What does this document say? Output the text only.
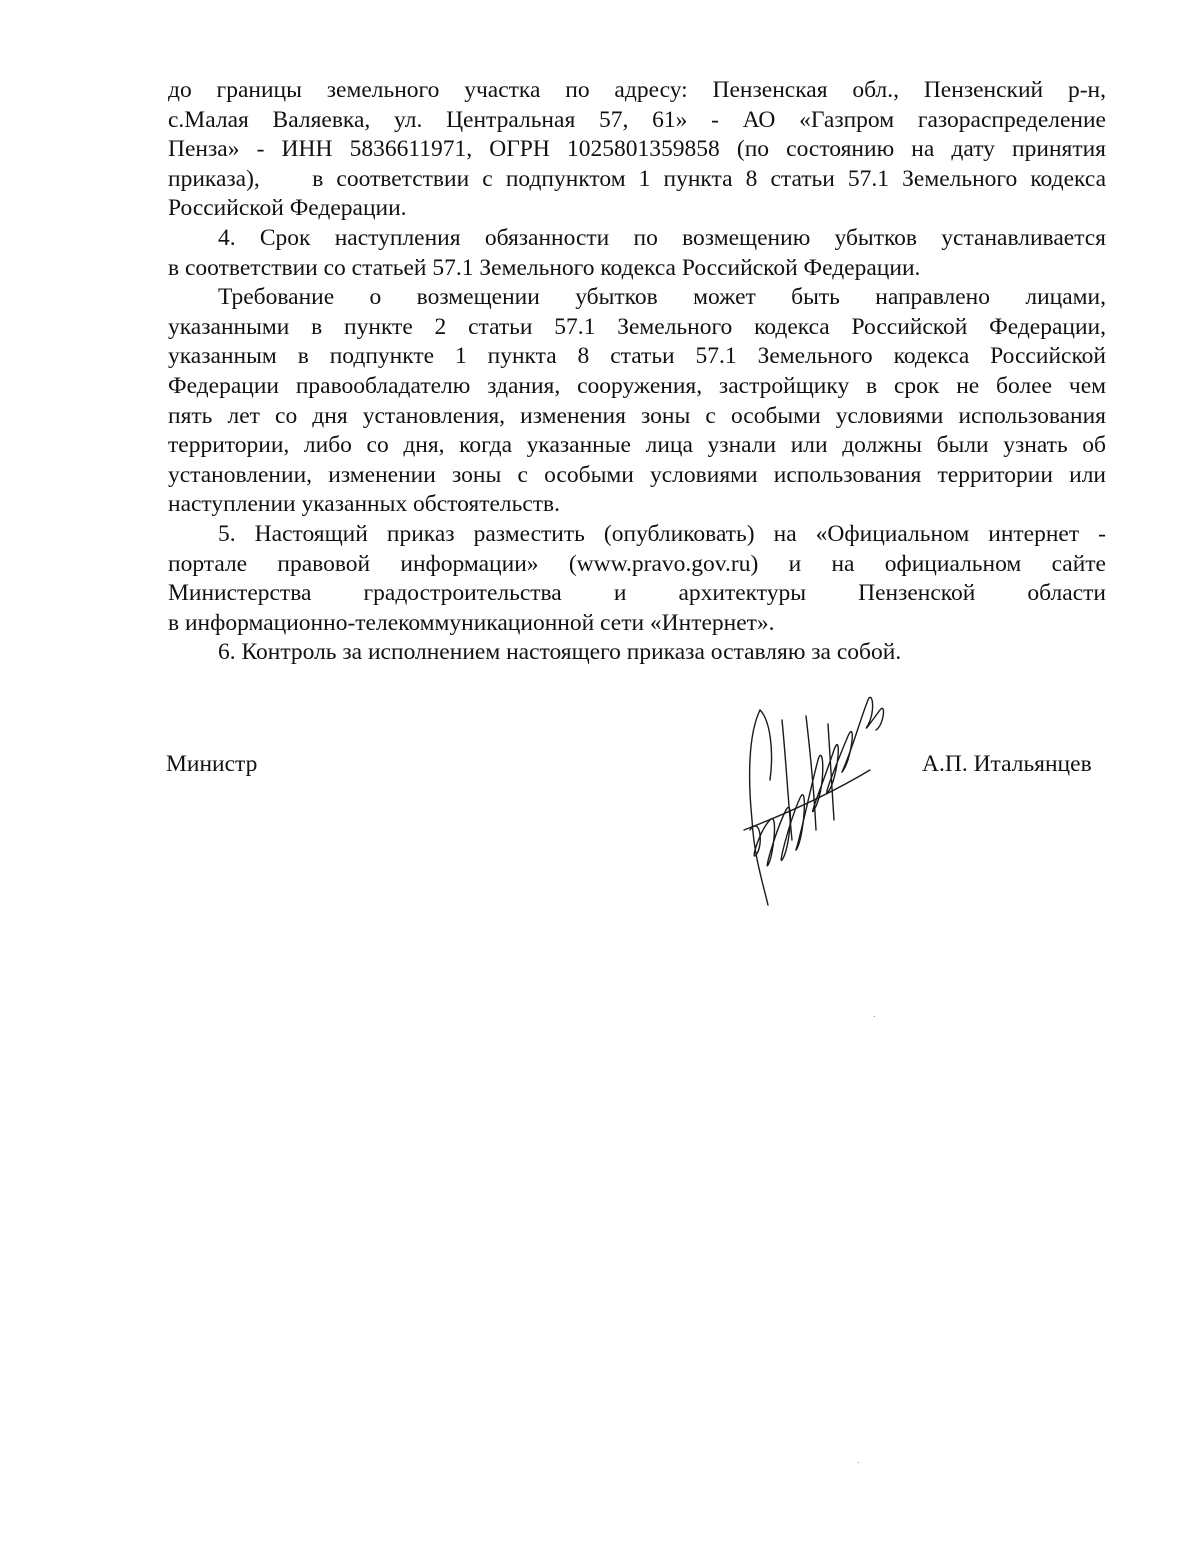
до границы земельного участка по адресу: Пензенская обл., Пензенский р-н,
с.Малая Валяевка, ул. Центральная 57, 61» - АО «Газпром газораспределение
Пенза» - ИНН 5836611971, ОГРН 1025801359858 (по состоянию на дату принятия
приказа),    в соответствии с подпунктом 1 пункта 8 статьи 57.1 Земельного кодекса
Российской Федерации.
4. Срок наступления обязанности по возмещению убытков устанавливается
в соответствии со статьей 57.1 Земельного кодекса Российской Федерации.
Требование о возмещении убытков может быть направлено лицами,
указанными в пункте 2 статьи 57.1 Земельного кодекса Российской Федерации,
указанным в подпункте 1 пункта 8 статьи 57.1 Земельного кодекса Российской
Федерации правообладателю здания, сооружения, застройщику в срок не более чем
пять лет со дня установления, изменения зоны с особыми условиями использования
территории, либо со дня, когда указанные лица узнали или должны были узнать об
установлении, изменении зоны с особыми условиями использования территории или
наступлении указанных обстоятельств.
5. Настоящий приказ разместить (опубликовать) на «Официальном интернет -
портале правовой информации» (www.pravo.gov.ru) и на официальном сайте
Министерства градостроительства и архитектуры Пензенской области
в информационно-телекоммуникационной сети «Интернет».
6. Контроль за исполнением настоящего приказа оставляю за собой.
Министр	А.П. Итальянцев
